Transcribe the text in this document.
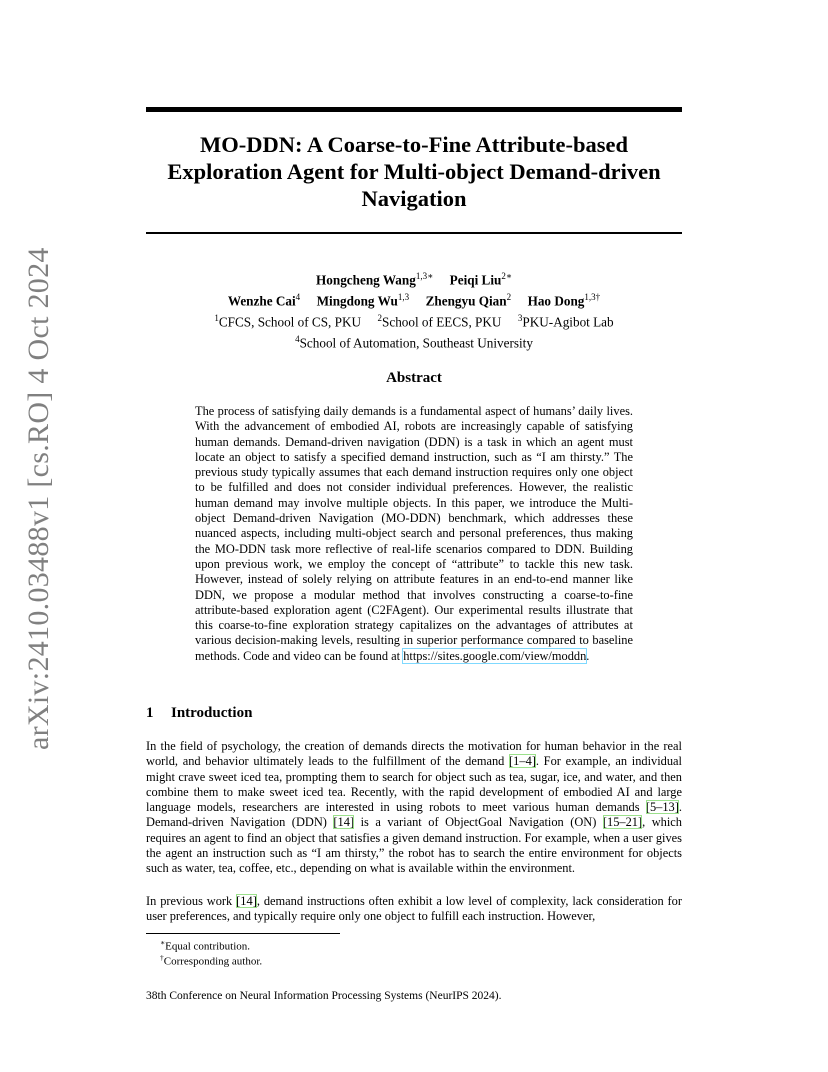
arXiv:2410.03488v1 [cs.RO] 4 Oct 2024
MO-DDN: A Coarse-to-Fine Attribute-based Exploration Agent for Multi-object Demand-driven Navigation
Hongcheng Wang$^{1,3∗}$ Peiqi Liu$^{2∗}$
Wenzhe Cai$^4$ Mingdong Wu$^{1,3}$ Zhengyu Qian$^2$ Hao Dong$^{1,3\dagger}$
$^1$CFCS, School of CS, PKU $^2$School of EECS, PKU $^3$PKU-Agibot Lab
$^4$School of Automation, Southeast University
Abstract
The process of satisfying daily demands is a fundamental aspect of humans’ daily lives. With the advancement of embodied AI, robots are increasingly capable of satisfying human demands. Demand-driven navigation (DDN) is a task in which an agent must locate an object to satisfy a specified demand instruction, such as “I am thirsty.” The previous study typically assumes that each demand instruction requires only one object to be fulfilled and does not consider individual preferences. However, the realistic human demand may involve multiple objects. In this paper, we introduce the Multi-object Demand-driven Navigation (MO-DDN) benchmark, which addresses these nuanced aspects, including multi-object search and personal preferences, thus making the MO-DDN task more reflective of real-life scenarios compared to DDN. Building upon previous work, we employ the concept of “attribute” to tackle this new task. However, instead of solely relying on attribute features in an end-to-end manner like DDN, we propose a modular method that involves constructing a coarse-to-fine attribute-based exploration agent (C2FAgent). Our experimental results illustrate that this coarse-to-fine exploration strategy capitalizes on the advantages of attributes at various decision-making levels, resulting in superior performance compared to baseline methods. Code and video can be found at https://sites.google.com/view/moddn.
1 Introduction
In the field of psychology, the creation of demands directs the motivation for human behavior in the real world, and behavior ultimately leads to the fulfillment of the demand [1–4]. For example, an individual might crave sweet iced tea, prompting them to search for object such as tea, sugar, ice, and water, and then combine them to make sweet iced tea. Recently, with the rapid development of embodied AI and large language models, researchers are interested in using robots to meet various human demands [5–13]. Demand-driven Navigation (DDN) [14] is a variant of ObjectGoal Navigation (ON) [15–21], which requires an agent to find an object that satisfies a given demand instruction. For example, when a user gives the agent an instruction such as “I am thirsty,” the robot has to search the entire environment for objects such as water, tea, coffee, etc., depending on what is available within the environment.
In previous work [14], demand instructions often exhibit a low level of complexity, lack consideration for user preferences, and typically require only one object to fulfill each instruction. However,
∗Equal contribution.
†Corresponding author.
38th Conference on Neural Information Processing Systems (NeurIPS 2024).
